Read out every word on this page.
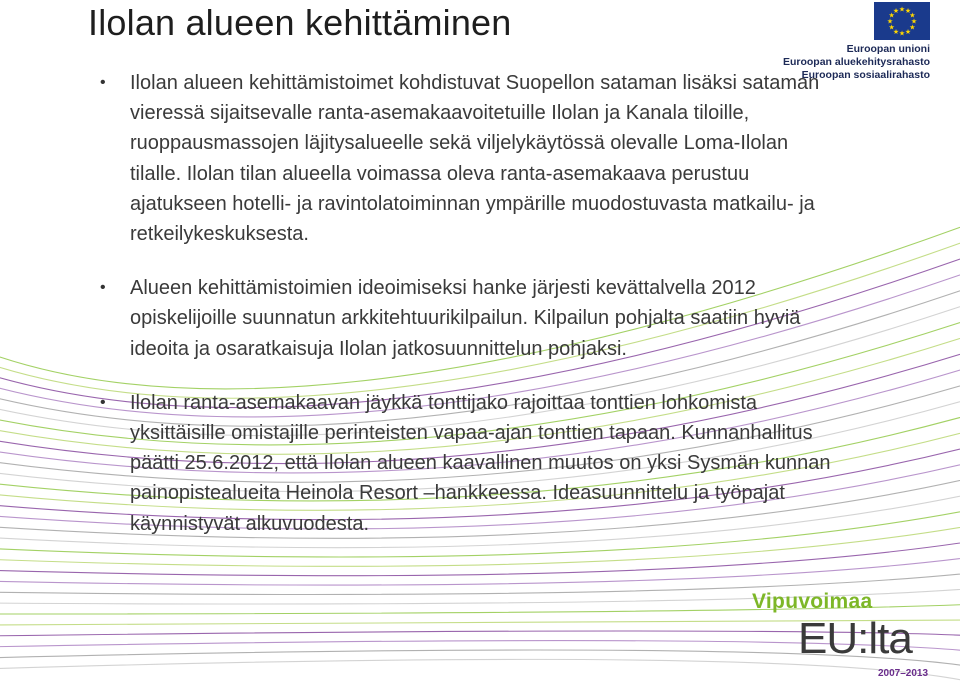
Ilolan alueen kehittäminen	★ ★
★
★
★
★
★
★
★
★
★
★
Euroopan unioni
Euroopan aluekehitysrahasto
Euroopan sosiaalirahasto
• Ilolan alueen kehittämistoimet kohdistuvat Suopellon sataman lisäksi sataman vieressä sijaitsevalle ranta-asemakaavoitetuille Ilolan ja Kanala tiloille, ruoppausmassojen läjitysalueelle sekä viljelykäytössä olevalle Loma-Ilolan tilalle. Ilolan tilan alueella voimassa oleva ranta-asemakaava perustuu ajatukseen hotelli- ja ravintolatoiminnan ympärille muodostuvasta matkailu- ja retkeilykeskuksesta.
• Alueen kehittämistoimien ideoimiseksi hanke järjesti kevättalvella 2012 opiskelijoille suunnatun arkkitehtuurikilpailun. Kilpailun pohjalta saatiin hyviä ideoita ja osaratkaisuja Ilolan jatkosuunnittelun pohjaksi.
• Ilolan ranta-asemakaavan jäykkä tonttijako rajoittaa tonttien lohkomista yksittäisille omistajille perinteisten vapaa-ajan tonttien tapaan. Kunnanhallitus päätti 25.6.2012, että Ilolan alueen kaavallinen muutos on yksi Sysmän kunnan painopistealueita Heinola Resort –hankkeessa. Ideasuunnittelu ja työpajat käynnistyvät alkuvuodesta.
Vipuvoimaa
EU:lta
2007–2013
